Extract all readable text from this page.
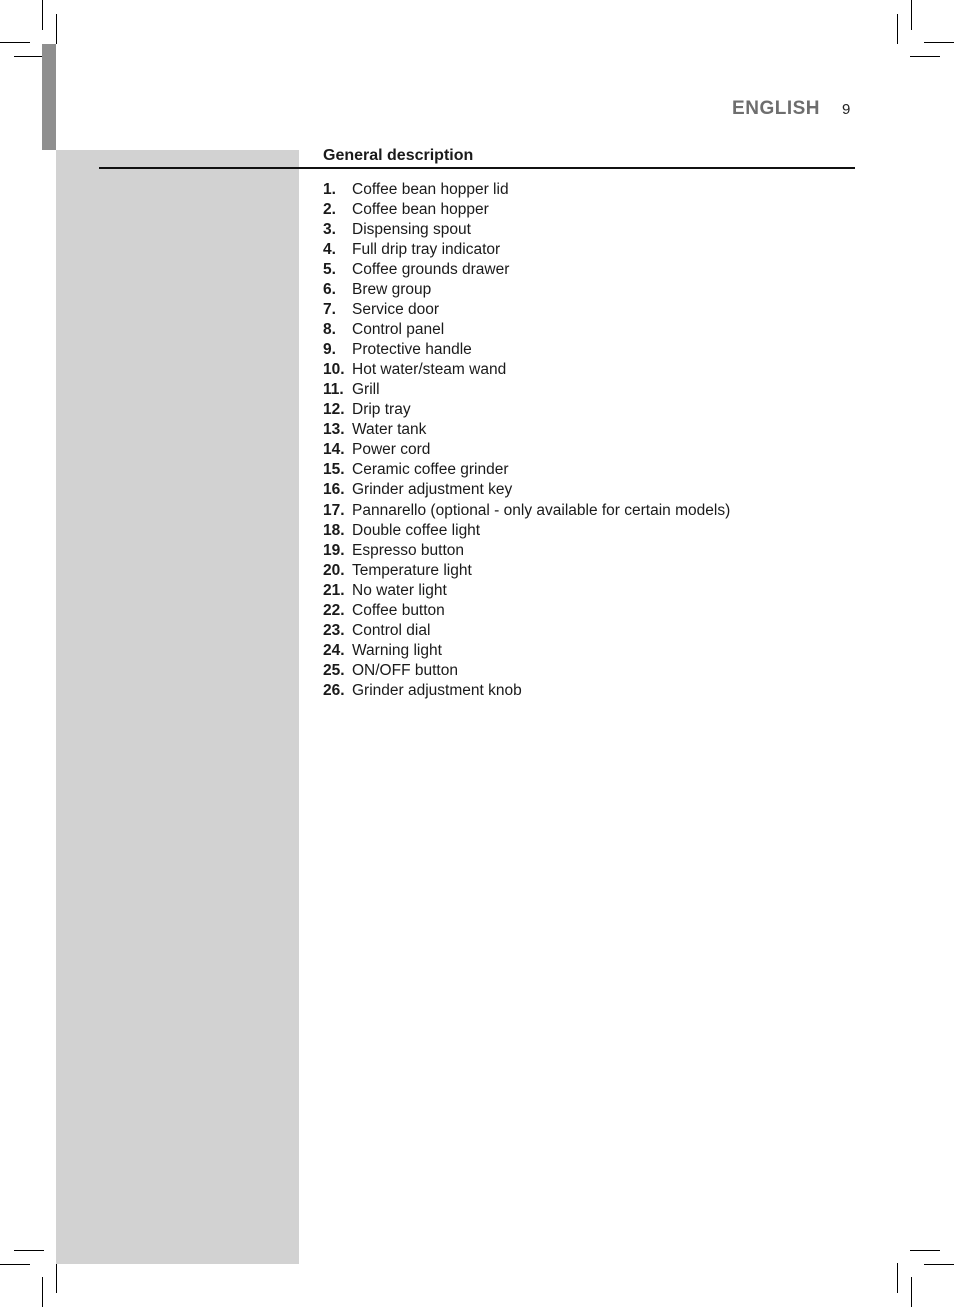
ENGLISH 9
General description
1. Coffee bean hopper lid
2. Coffee bean hopper
3. Dispensing spout
4. Full drip tray indicator
5. Coffee grounds drawer
6. Brew group
7. Service door
8. Control panel
9. Protective handle
10. Hot water/steam wand
11. Grill
12. Drip tray
13. Water tank
14. Power cord
15. Ceramic coffee grinder
16. Grinder adjustment key
17. Pannarello (optional - only available for certain models)
18. Double coffee light
19. Espresso button
20. Temperature light
21. No water light
22. Coffee button
23. Control dial
24. Warning light
25. ON/OFF button
26. Grinder adjustment knob
